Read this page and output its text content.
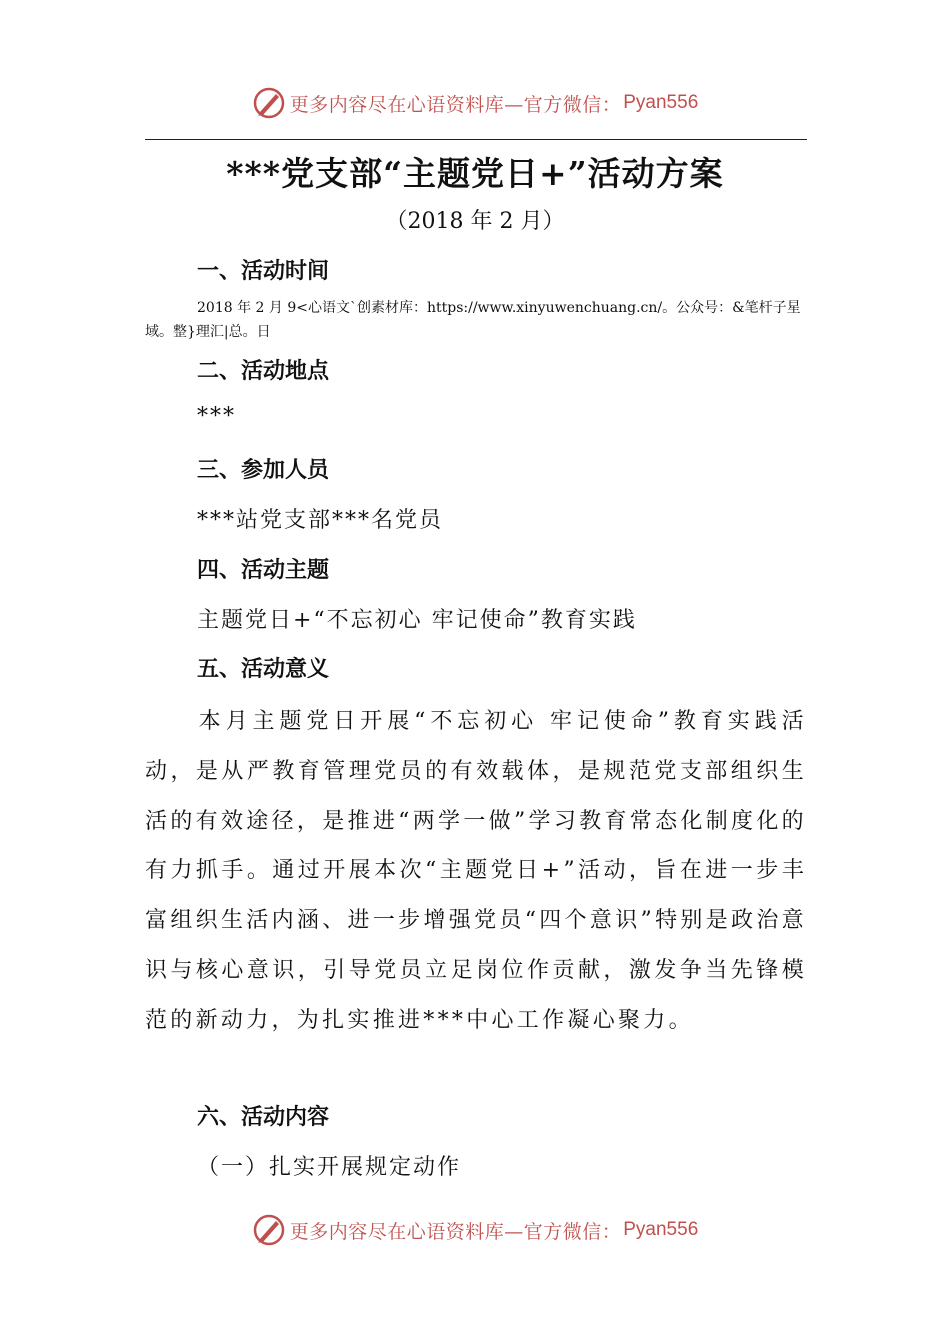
更多内容尽在心语资料库—官方微信： Pyan556
***党支部“主题党日+”活动方案
（2018 年 2 月）
一、活动时间
2018 年 2 月 9<心语文`创素材库：https://www.xinyuwenchuang.cn/。公众号：&笔杆子星域。整}理汇|总。日
二、活动地点
***
三、参加人员
***站党支部***名党员
四、活动主题
主题党日+“不忘初心 牢记使命”教育实践
五、活动意义

本月主题党日开展“不忘初心 牢记使命”教育实践活动，是从严教育管理党员的有效载体，是规范党支部组织生活的有效途径，是推进“两学一做”学习教育常态化制度化的有力抓手。通过开展本次“主题党日+”活动，旨在进一步丰富组织生活内涵、进一步增强党员“四个意识”特别是政治意识与核心意识，引导党员立足岗位作贡献，激发争当先锋模范的新动力，为扎实推进***中心工作凝心聚力。

六、活动内容
（一）扎实开展规定动作
更多内容尽在心语资料库—官方微信： Pyan556
